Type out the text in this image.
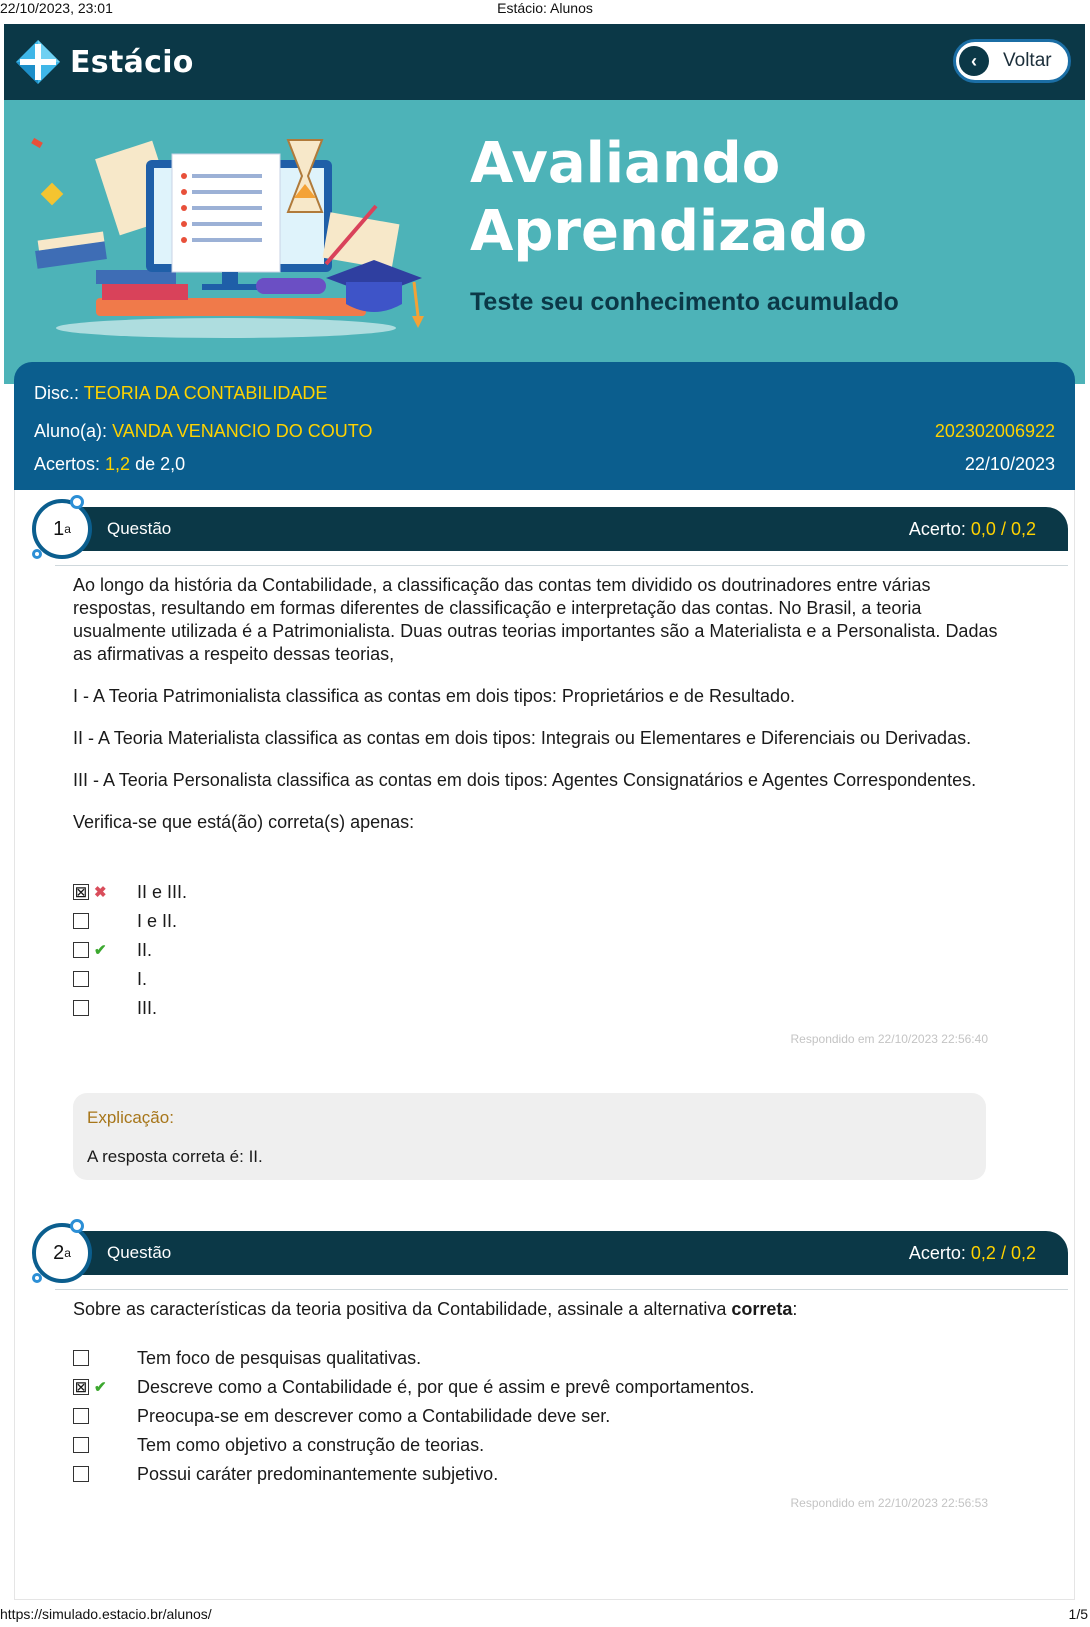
22/10/2023, 23:01	Estácio: Alunos
Estácio	‹	Voltar
Avaliando
Aprendizado
Teste seu conhecimento acumulado
Disc.: TEORIA DA CONTABILIDADE
Aluno(a): VANDA VENANCIO DO COUTO	202302006922
Acertos: 1,2 de 2,0	22/10/2023
Questão	Acerto: 0,0 / 0,2
1 a

Ao longo da história da Contabilidade, a classificação das contas tem dividido os doutrinadores entre várias respostas, resultando em formas diferentes de classificação e interpretação das contas. No Brasil, a teoria usualmente utilizada é a Patrimonialista. Duas outras teorias importantes são a Materialista e a Personalista. Dadas as afirmativas a respeito dessas teorias,

I - A Teoria Patrimonialista classifica as contas em dois tipos: Proprietários e de Resultado.

II - A Teoria Materialista classifica as contas em dois tipos: Integrais ou Elementares e Diferenciais ou Derivadas.

III - A Teoria Personalista classifica as contas em dois tipos: Agentes Consignatários e Agentes Correspondentes.

Verifica-se que está(ão) correta(s) apenas:

☒ ✖ II e III.
I e II.
✔ II.
I.
III.
Respondido em 22/10/2023 22:56:40
Explicação:
A resposta correta é: II.
Questão	Acerto: 0,2 / 0,2
2 a

Sobre as características da teoria positiva da Contabilidade, assinale a alternativa correta:

Tem foco de pesquisas qualitativas.
☒ ✔ Descreve como a Contabilidade é, por que é assim e prevê comportamentos.
Preocupa-se em descrever como a Contabilidade deve ser.
Tem como objetivo a construção de teorias.
Possui caráter predominantemente subjetivo.
Respondido em 22/10/2023 22:56:53
https://simulado.estacio.br/alunos/	1/5
